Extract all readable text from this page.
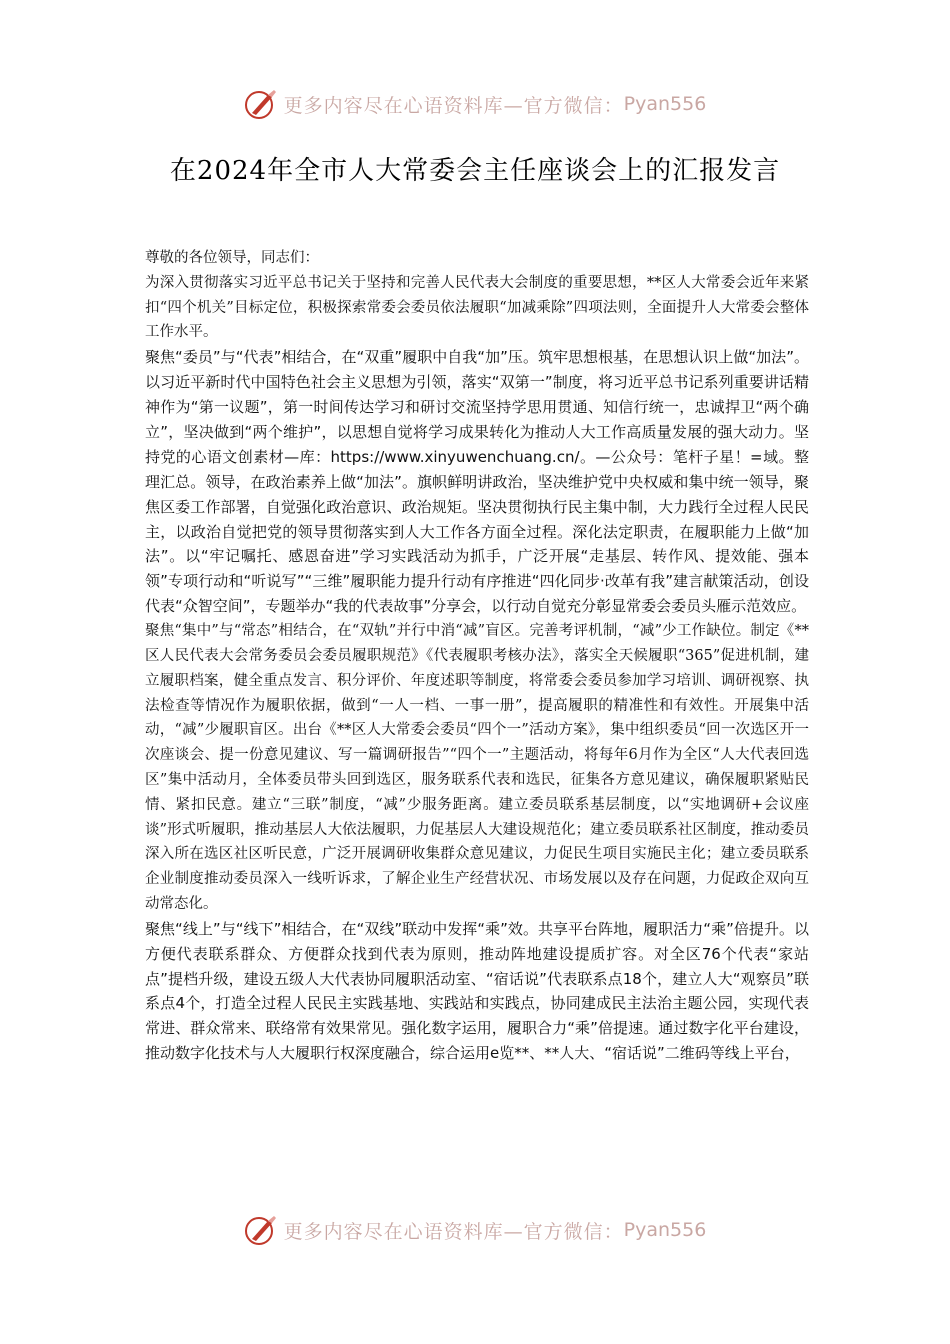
更多内容尽在心语资料库—官方微信： Pyan556
在2024年全市人大常委会主任座谈会上的汇报发言

尊敬的各位领导，同志们：

为深入贯彻落实习近平总书记关于坚持和完善人民代表大会制度的重要思想，**区人大常委会近年来紧扣“四个机关”目标定位，积极探索常委会委员依法履职“加减乘除”四项法则，全面提升人大常委会整体工作水平。

聚焦“委员”与“代表”相结合，在“双重”履职中自我“加”压。筑牢思想根基，在思想认识上做“加法”。以习近平新时代中国特色社会主义思想为引领，落实“双第一”制度，将习近平总书记系列重要讲话精神作为“第一议题”，第一时间传达学习和研讨交流坚持学思用贯通、知信行统一，忠诚捍卫“两个确立”，坚决做到“两个维护”，以思想自觉将学习成果转化为推动人大工作高质量发展的强大动力。坚持党的心语文创素材—库：https://www.xinyuwenchuang.cn/。—公众号：笔杆子星！=域。整理汇总。领导，在政治素养上做“加法”。旗帜鲜明讲政治，坚决维护党中央权威和集中统一领导，聚焦区委工作部署，自觉强化政治意识、政治规矩。坚决贯彻执行民主集中制，大力践行全过程人民民主，以政治自觉把党的领导贯彻落实到人大工作各方面全过程。深化法定职责，在履职能力上做“加法”。以“牢记嘱托、感恩奋进”学习实践活动为抓手，广泛开展“走基层、转作风、提效能、强本领”专项行动和“听说写”“三维”履职能力提升行动有序推进“四化同步·改革有我”建言献策活动，创设代表“众智空间”，专题举办“我的代表故事”分享会，以行动自觉充分彰显常委会委员头雁示范效应。

聚焦“集中”与“常态”相结合，在“双轨”并行中消“减”盲区。完善考评机制，“减”少工作缺位。制定《**区人民代表大会常务委员会委员履职规范》《代表履职考核办法》，落实全天候履职“365”促进机制，建立履职档案，健全重点发言、积分评价、年度述职等制度，将常委会委员参加学习培训、调研视察、执法检查等情况作为履职依据，做到“一人一档、一事一册”，提高履职的精准性和有效性。开展集中活动，“减”少履职盲区。出台《**区人大常委会委员“四个一”活动方案》，集中组织委员“回一次选区开一次座谈会、提一份意见建议、写一篇调研报告”“四个一”主题活动，将每年6月作为全区“人大代表回选区”集中活动月，全体委员带头回到选区，服务联系代表和选民，征集各方意见建议，确保履职紧贴民情、紧扣民意。建立“三联”制度，“减”少服务距离。建立委员联系基层制度，以“实地调研+会议座谈”形式听履职，推动基层人大依法履职，力促基层人大建设规范化；建立委员联系社区制度，推动委员深入所在选区社区听民意，广泛开展调研收集群众意见建议，力促民生项目实施民主化；建立委员联系企业制度推动委员深入一线听诉求，了解企业生产经营状况、市场发展以及存在问题，力促政企双向互动常态化。

聚焦“线上”与“线下”相结合，在“双线”联动中发挥“乘”效。共享平台阵地，履职活力“乘”倍提升。以方便代表联系群众、方便群众找到代表为原则，推动阵地建设提质扩容。对全区76个代表“家站点”提档升级，建设五级人大代表协同履职活动室、“宿话说”代表联系点18个，建立人大“观察员”联系点4个，打造全过程人民民主实践基地、实践站和实践点，协同建成民主法治主题公园，实现代表常进、群众常来、联络常有效果常见。强化数字运用，履职合力“乘”倍提速。通过数字化平台建设，推动数字化技术与人大履职行权深度融合，综合运用e览**、**人大、“宿话说”二维码等线上平台，

更多内容尽在心语资料库—官方微信： Pyan556
